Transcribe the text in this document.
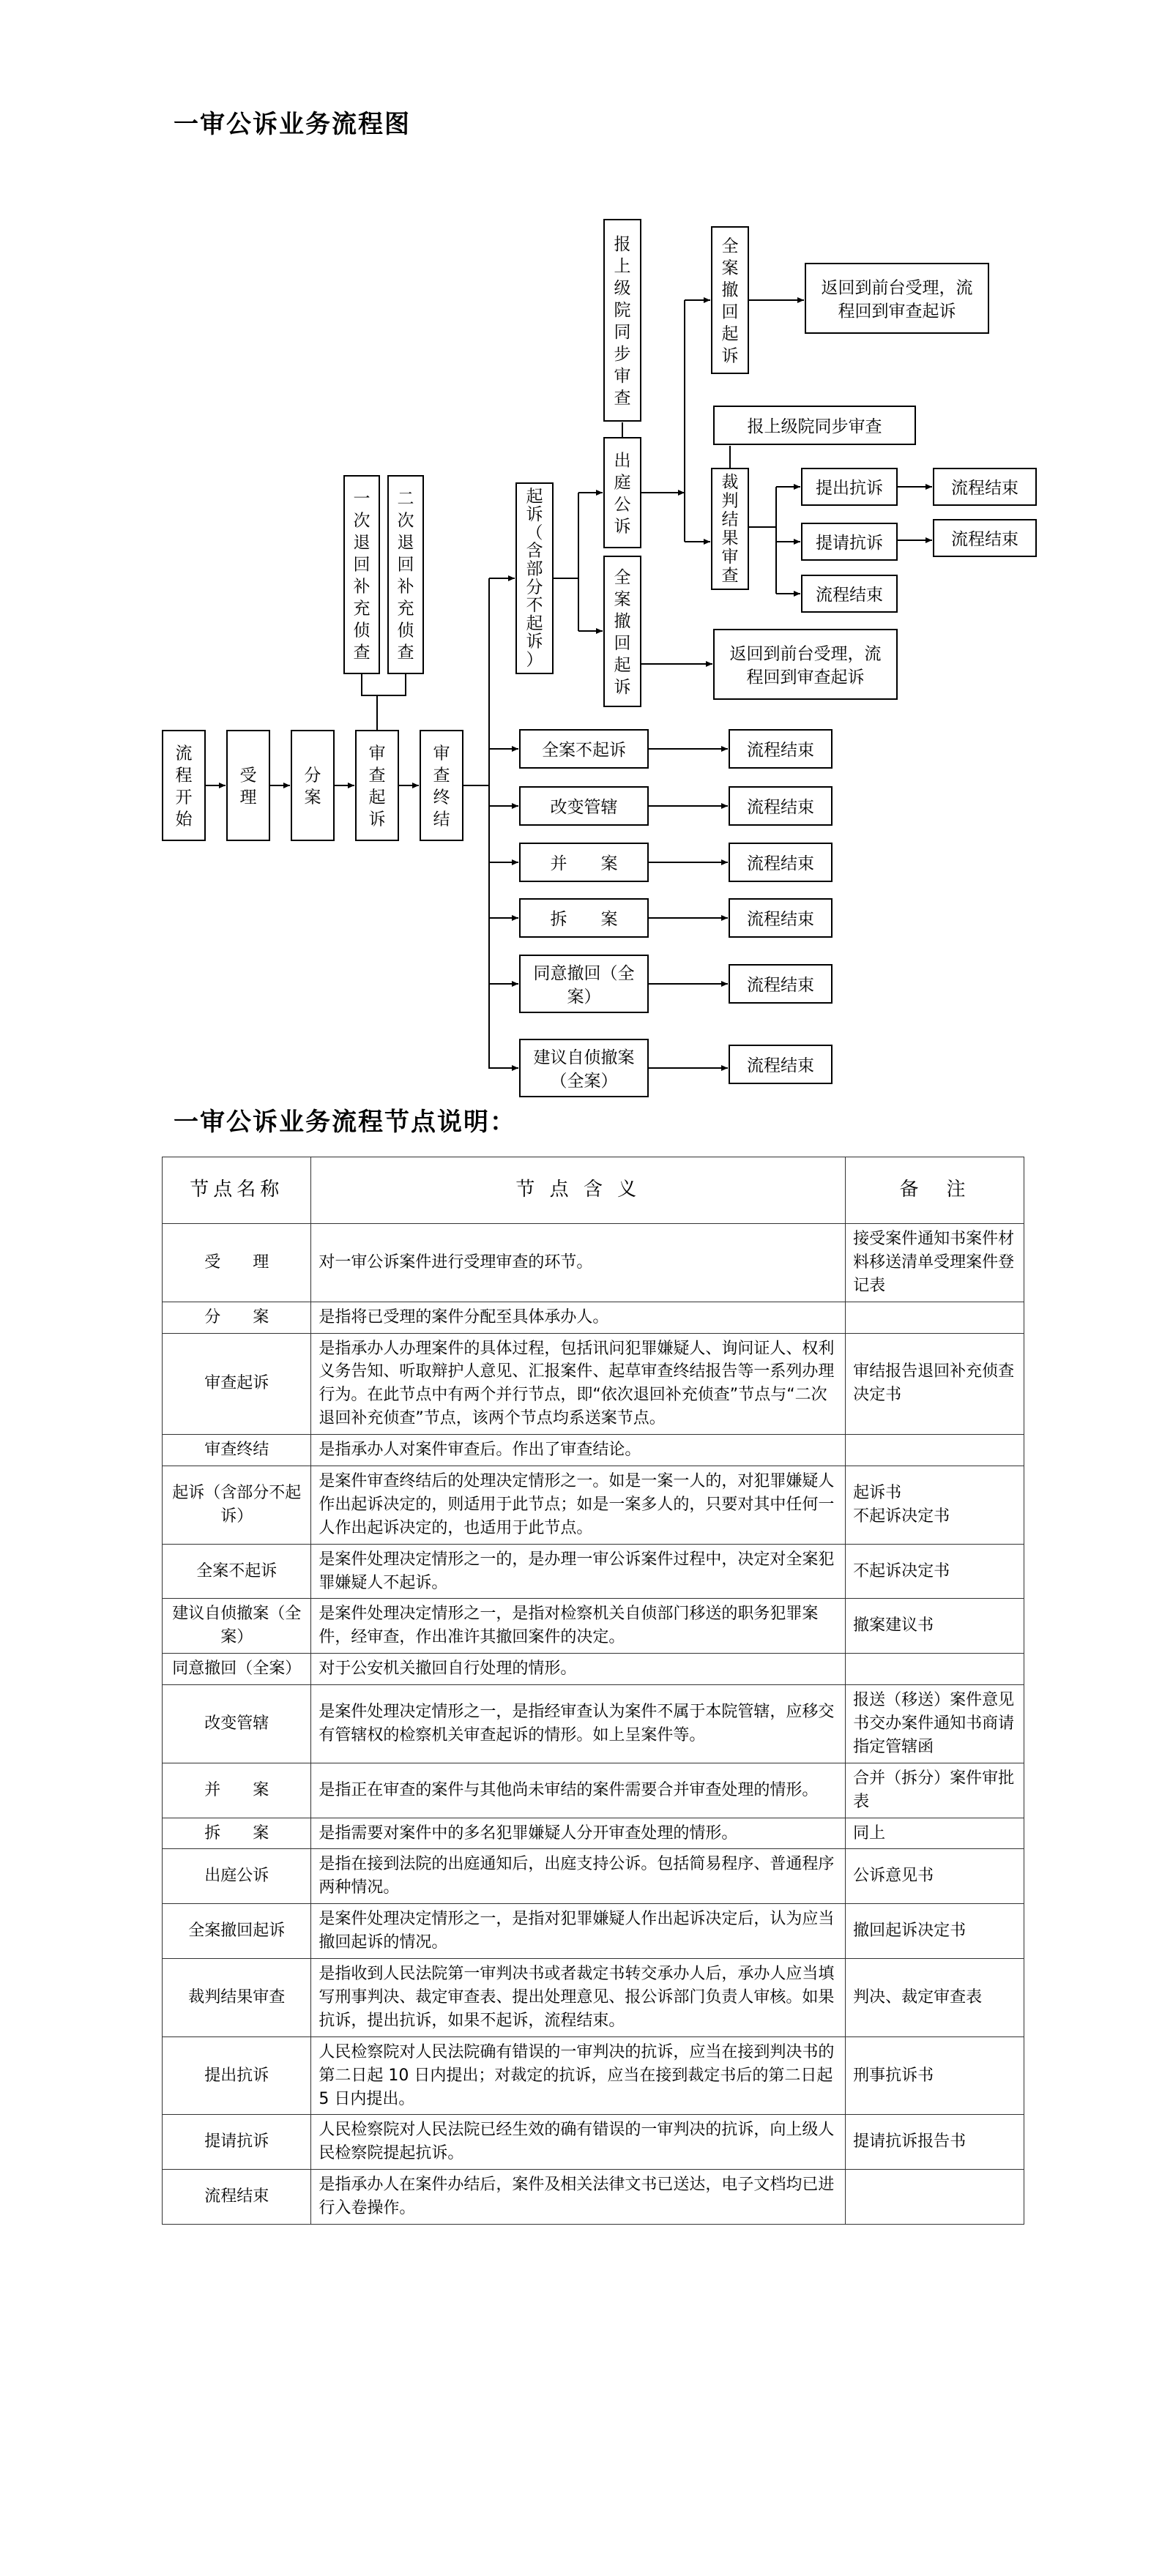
一审公诉业务流程图
流程开始
受理
分案
审查起诉
审查终结
一次退回补充侦查
二次退回补充侦查
起诉（含部分不起诉）
报上级院同步审查
出庭公诉
全案撤回起诉
返回到前台受理，流程回到审查起诉
全案撤回起诉
返回到前台受理，流程回到审查起诉
报上级院同步审查
裁判结果审查
提出抗诉	流程结束
提请抗诉	流程结束
流程结束
全案不起诉
改变管辖
并　　案
拆　　案
同意撤回（全案）
建议自侦撤案（全案）
流程结束
流程结束
流程结束
流程结束
流程结束
流程结束
一审公诉业务流程节点说明：
节点名称	节 点 含 义	备　注
受　　理	对一审公诉案件进行受理审查的环节。	接受案件通知书案件材料移送清单受理案件登记表
分　　案	是指将已受理的案件分配至具体承办人。	
审查起诉	是指承办人办理案件的具体过程，包括讯问犯罪嫌疑人、询问证人、权利义务告知、听取辩护人意见、汇报案件、起草审查终结报告等一系列办理行为。在此节点中有两个并行节点，即“依次退回补充侦查”节点与“二次退回补充侦查”节点，该两个节点均系送案节点。	审结报告退回补充侦查决定书
审查终结	是指承办人对案件审查后。作出了审查结论。	
起诉（含部分不起诉）	是案件审查终结后的处理决定情形之一。如是一案一人的，对犯罪嫌疑人作出起诉决定的，则适用于此节点；如是一案多人的，只要对其中任何一人作出起诉决定的，也适用于此节点。	起诉书
不起诉决定书
全案不起诉	是案件处理决定情形之一的，是办理一审公诉案件过程中，决定对全案犯罪嫌疑人不起诉。	不起诉决定书
建议自侦撤案（全案）	是案件处理决定情形之一，是指对检察机关自侦部门移送的职务犯罪案件，经审查，作出准许其撤回案件的决定。	撤案建议书
同意撤回（全案）	对于公安机关撤回自行处理的情形。	
改变管辖	是案件处理决定情形之一，是指经审查认为案件不属于本院管辖，应移交有管辖权的检察机关审查起诉的情形。如上呈案件等。	报送（移送）案件意见书交办案件通知书商请指定管辖函
并　　案	是指正在审查的案件与其他尚未审结的案件需要合并审查处理的情形。	合并（拆分）案件审批表
拆　　案	是指需要对案件中的多名犯罪嫌疑人分开审查处理的情形。	同上
出庭公诉	是指在接到法院的出庭通知后，出庭支持公诉。包括简易程序、普通程序两种情况。	公诉意见书
全案撤回起诉	是案件处理决定情形之一，是指对犯罪嫌疑人作出起诉决定后，认为应当撤回起诉的情况。	撤回起诉决定书
裁判结果审查	是指收到人民法院第一审判决书或者裁定书转交承办人后，承办人应当填写刑事判决、裁定审查表、提出处理意见、报公诉部门负责人审核。如果抗诉，提出抗诉，如果不起诉，流程结束。	判决、裁定审查表
提出抗诉	人民检察院对人民法院确有错误的一审判决的抗诉，应当在接到判决书的第二日起 10 日内提出；对裁定的抗诉，应当在接到裁定书后的第二日起 5 日内提出。	刑事抗诉书
提请抗诉	人民检察院对人民法院已经生效的确有错误的一审判决的抗诉，向上级人民检察院提起抗诉。	提请抗诉报告书
流程结束	是指承办人在案件办结后，案件及相关法律文书已送达，电子文档均已进行入卷操作。	
